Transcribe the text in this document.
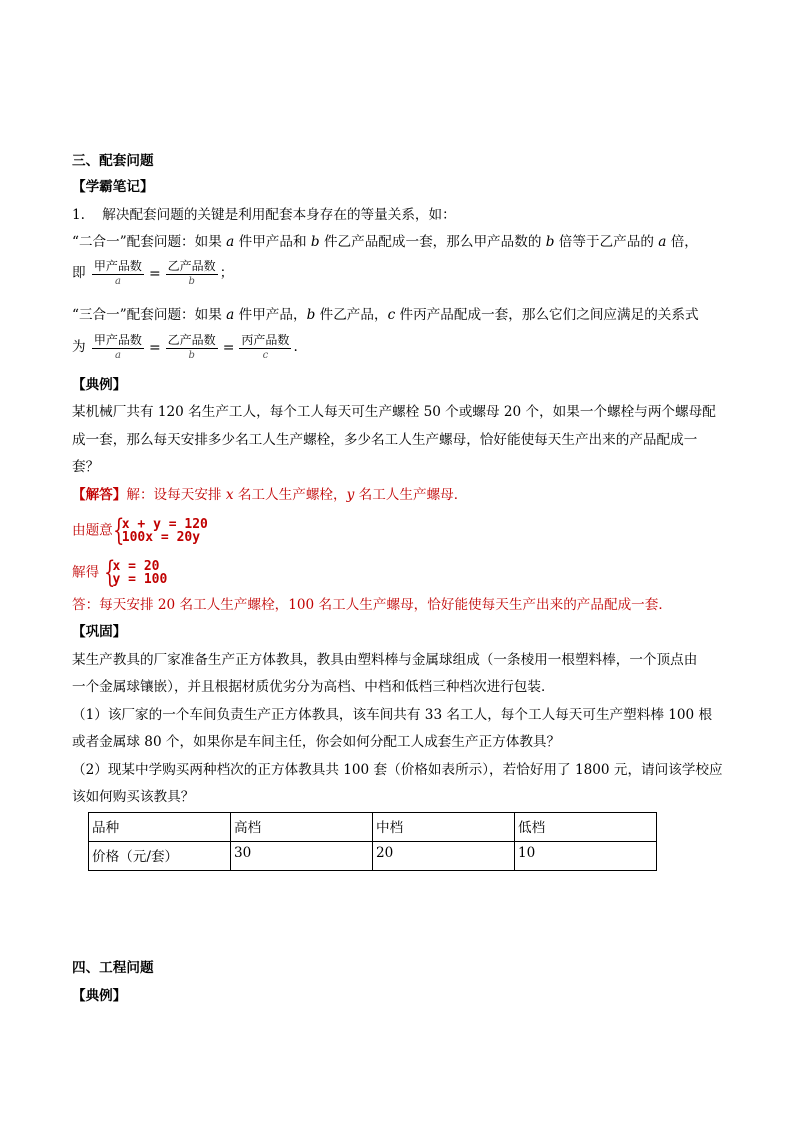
三、配套问题
【学霸笔记】
1. 解决配套问题的关键是利用配套本身存在的等量关系，如：
“二合一”配套问题：如果 a 件甲产品和 b 件乙产品配成一套，那么甲产品数的 b 倍等于乙产品的 a 倍，
即 $\frac{\text{甲产品数}}{a} = \frac{\text{乙产品数}}{b}$ ；
“三合一”配套问题：如果 a 件甲产品，b 件乙产品，c 件丙产品配成一套，那么它们之间应满足的关系式
为 $\frac{\text{甲产品数}}{a} = \frac{\text{乙产品数}}{b} = \frac{\text{丙产品数}}{c}$ .
【典例】
某机械厂共有 120 名生产工人，每个工人每天可生产螺栓 50 个或螺母 20 个，如果一个螺栓与两个螺母配
成一套，那么每天安排多少名工人生产螺栓，多少名工人生产螺母，恰好能使每天生产出来的产品配成一
套？
【解答】解：设每天安排 x 名工人生产螺栓，y 名工人生产螺母．
由题意 {
x + y = 120
100x = 20y
解得 {
x = 20
y = 100
答：每天安排 20 名工人生产螺栓，100 名工人生产螺母，恰好能使每天生产出来的产品配成一套．
【巩固】
某生产教具的厂家准备生产正方体教具，教具由塑料棒与金属球组成（一条棱用一根塑料棒，一个顶点由
一个金属球镶嵌），并且根据材质优劣分为高档、中档和低档三种档次进行包装．
（1）该厂家的一个车间负责生产正方体教具，该车间共有 33 名工人，每个工人每天可生产塑料棒 100 根
或者金属球 80 个，如果你是车间主任，你会如何分配工人成套生产正方体教具？
（2）现某中学购买两种档次的正方体教具共 100 套（价格如表所示），若恰好用了 1800 元，请问该学校应
该如何购买该教具？
品种	高档	中档	低档
价格（元/套）	30	20	10
四、工程问题
【典例】
